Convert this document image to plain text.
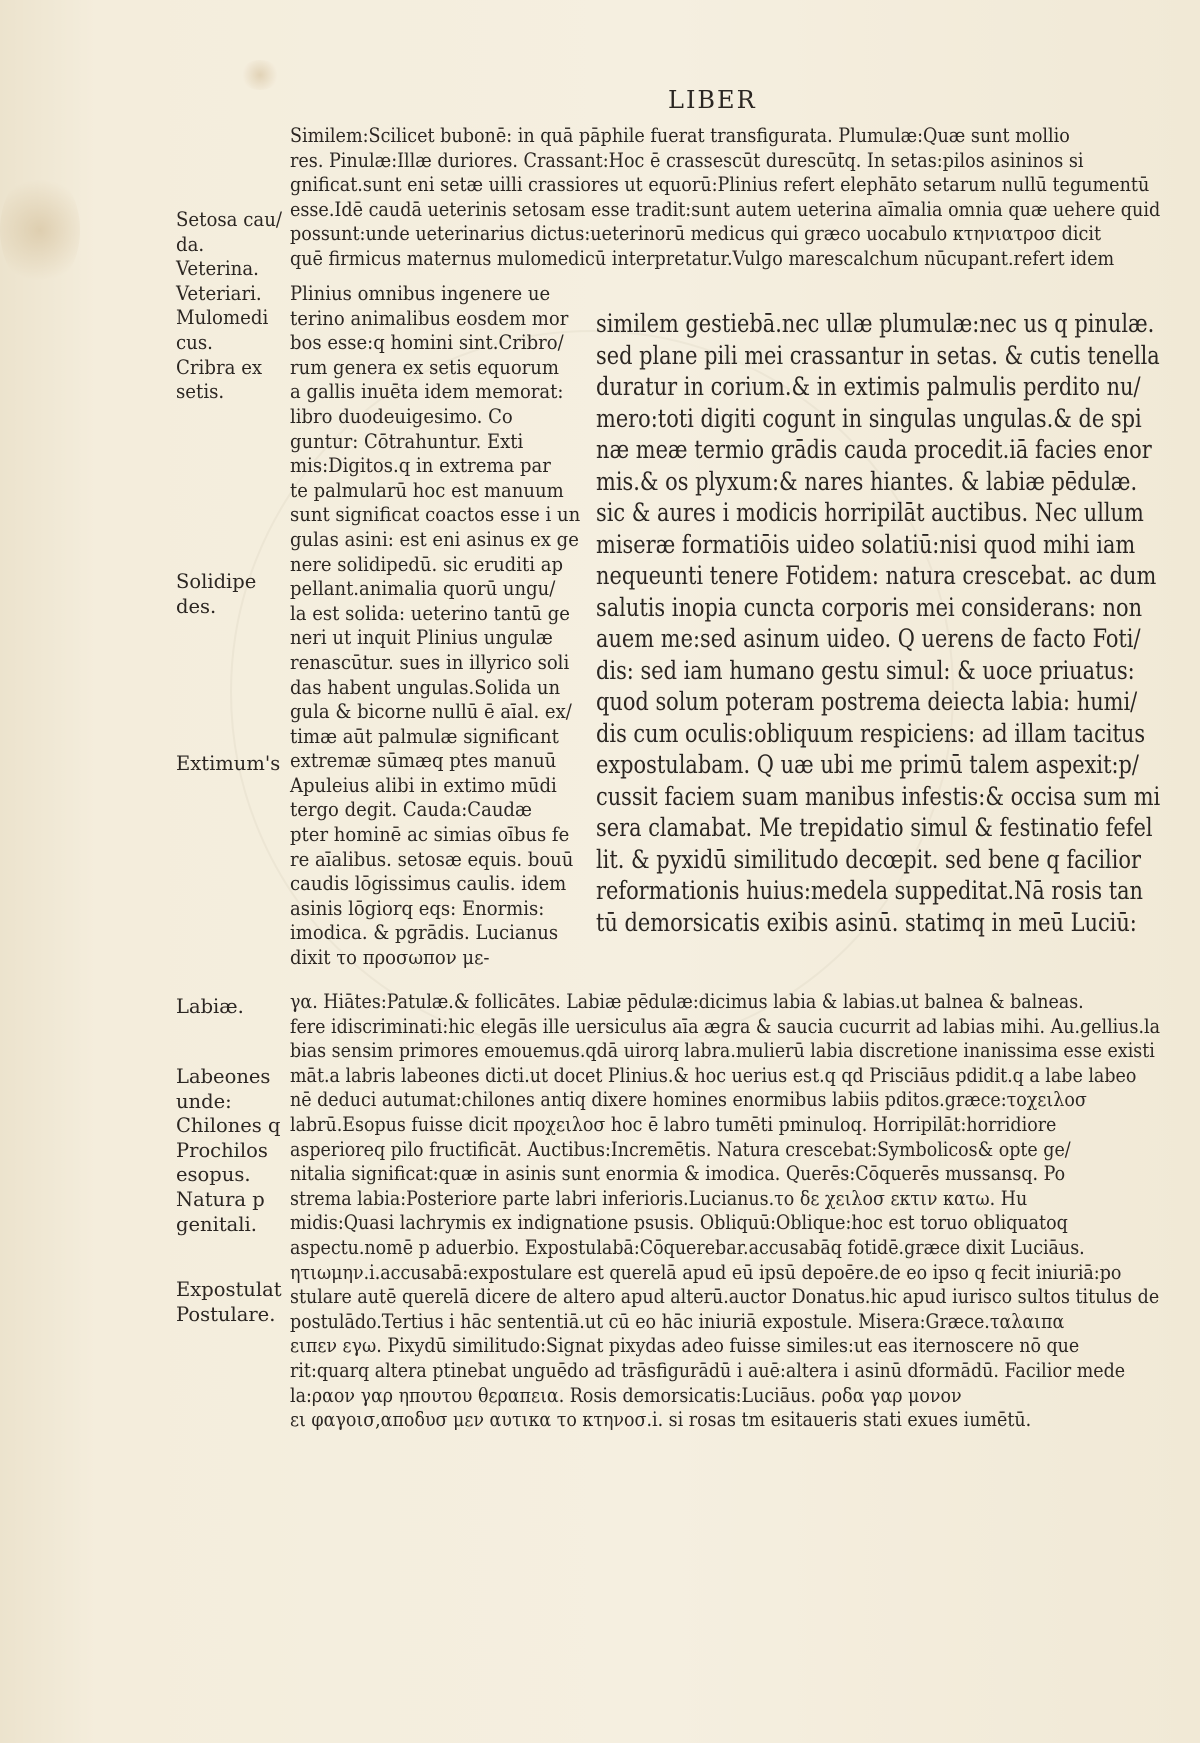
LIBER
Similem:Scilicet bubonē: in quā pāphile fuerat transfigurata. Plumulæ:Quæ sunt mollio
res. Pinulæ:Illæ duriores. Crassant:Hoc ē crassescūt durescūtq. In setas:pilos asininos si
gnificat.sunt eni setæ uilli crassiores ut equorū:Plinius refert elephāto setarum nullū tegumentū
esse.Idē caudā ueterinis setosam esse tradit:sunt autem ueterina aīmalia omnia quæ uehere quid
possunt:unde ueterinarius dictus:ueterinorū medicus qui græco uocabulo κτηνιατροσ dicit
quē firmicus maternus mulomedicū interpretatur.Vulgo marescalchum nūcupant.refert idem
Setosa cau/
da.
Veterina.
Veteriari.
Mulomedi
cus.
Cribra ex
setis.
Solidipe
des.
Extimum's
Labiæ.
Labeones
unde:
Chilones q
Prochilos
esopus.
Natura p
genitali.
Expostulat
Postulare.
Plinius omnibus ingenere ue
terino animalibus eosdem mor
bos esse:q homini sint.Cribro/
rum genera ex setis equorum
a gallis inuēta idem memorat:
libro duodeuigesimo. Co
guntur: Cōtrahuntur. Exti
mis:Digitos.q in extrema par
te palmularū hoc est manuum
sunt significat coactos esse i un
gulas asini: est eni asinus ex ge
nere solidipedū. sic eruditi ap
pellant.animalia quorū ungu/
la est solida: ueterino tantū ge
neri ut inquit Plinius ungulæ
renascūtur. sues in illyrico soli
das habent ungulas.Solida un
gula & bicorne nullū ē aīal. ex/
timæ aūt palmulæ significant
extremæ sūmæq ptes manuū
Apuleius alibi in extimo mūdi
tergo degit. Cauda:Caudæ
pter hominē ac simias oībus fe
re aīalibus. setosæ equis. bouū
caudis lōgissimus caulis. idem
asinis lōgiorq eqs: Enormis:
imodica. & pgrādis. Lucianus
dixit το προσωπον με-
similem gestiebā.nec ullæ plumulæ:nec us q pinulæ.
sed plane pili mei crassantur in setas. & cutis tenella
duratur in corium.& in extimis palmulis perdito nu/
mero:toti digiti cogunt in singulas ungulas.& de spi
næ meæ termio grādis cauda procedit.iā facies enor
mis.& os plyxum:& nares hiantes. & labiæ pēdulæ.
sic & aures i modicis horripilāt auctibus. Nec ullum
miseræ formatiōis uideo solatiū:nisi quod mihi iam
nequeunti tenere Fotidem: natura crescebat. ac dum
salutis inopia cuncta corporis mei considerans: non
auem me:sed asinum uideo. Q uerens de facto Foti/
dis: sed iam humano gestu simul: & uoce priuatus:
quod solum poteram postrema deiecta labia: humi/
dis cum oculis:obliquum respiciens: ad illam tacitus
expostulabam. Q uæ ubi me primū talem aspexit:p/
cussit faciem suam manibus infestis:& occisa sum mi
sera clamabat. Me trepidatio simul & festinatio fefel
lit. & pyxidū similitudo decœpit. sed bene q facilior
reformationis huius:medela suppeditat.Nā rosis tan
tū demorsicatis exibis asinū. statimq in meū Luciū:
γα. Hiātes:Patulæ.& follicātes. Labiæ pēdulæ:dicimus labia & labias.ut balnea & balneas.
fere idiscriminati:hic elegās ille uersiculus aīa ægra & saucia cucurrit ad labias mihi. Au.gellius.la
bias sensim primores emouemus.qdā uirorq labra.mulierū labia discretione inanissima esse existi
māt.a labris labeones dicti.ut docet Plinius.& hoc uerius est.q qd Prisciāus pdidit.q a labe labeo
nē deduci autumat:chilones antiq dixere homines enormibus labiis pditos.græce:τοχειλοσ
labrū.Esopus fuisse dicit προχειλοσ hoc ē labro tumēti pminuloq. Horripilāt:horridiore
asperioreq pilo fructificāt. Auctibus:Incremētis. Natura crescebat:Symbolicos& opte ge/
nitalia significat:quæ in asinis sunt enormia & imodica. Querēs:Cōquerēs mussansq. Po
strema labia:Posteriore parte labri inferioris.Lucianus.το δε χειλοσ εκτιν κατω. Hu
midis:Quasi lachrymis ex indignatione psusis. Obliquū:Oblique:hoc est toruo obliquatoq
aspectu.nomē p aduerbio. Expostulabā:Cōquerebar.accusabāq fotidē.græce dixit Luciāus.
ητιωμην.i.accusabā:expostulare est querelā apud eū ipsū depoēre.de eo ipso q fecit iniuriā:po
stulare autē querelā dicere de altero apud alterū.auctor Donatus.hic apud iurisco sultos titulus de
postulādo.Tertius i hāc sententiā.ut cū eo hāc iniuriā expostule. Misera:Græce.ταλαιπα
ειπεν εγω. Pixydū similitudo:Signat pixydas adeo fuisse similes:ut eas iternoscere nō que
rit:quarq altera ptinebat unguēdo ad trāsfigurādū i auē:altera i asinū dformādū. Facilior mede
la:ραον γαρ ηπουτου θεραπεια. Rosis demorsicatis:Luciāus. ροδα γαρ μονον
ει φαγοισ,αποδυσ μεν αυτικα το κτηνοσ.i. si rosas tm esitaueris stati exues iumētū.
